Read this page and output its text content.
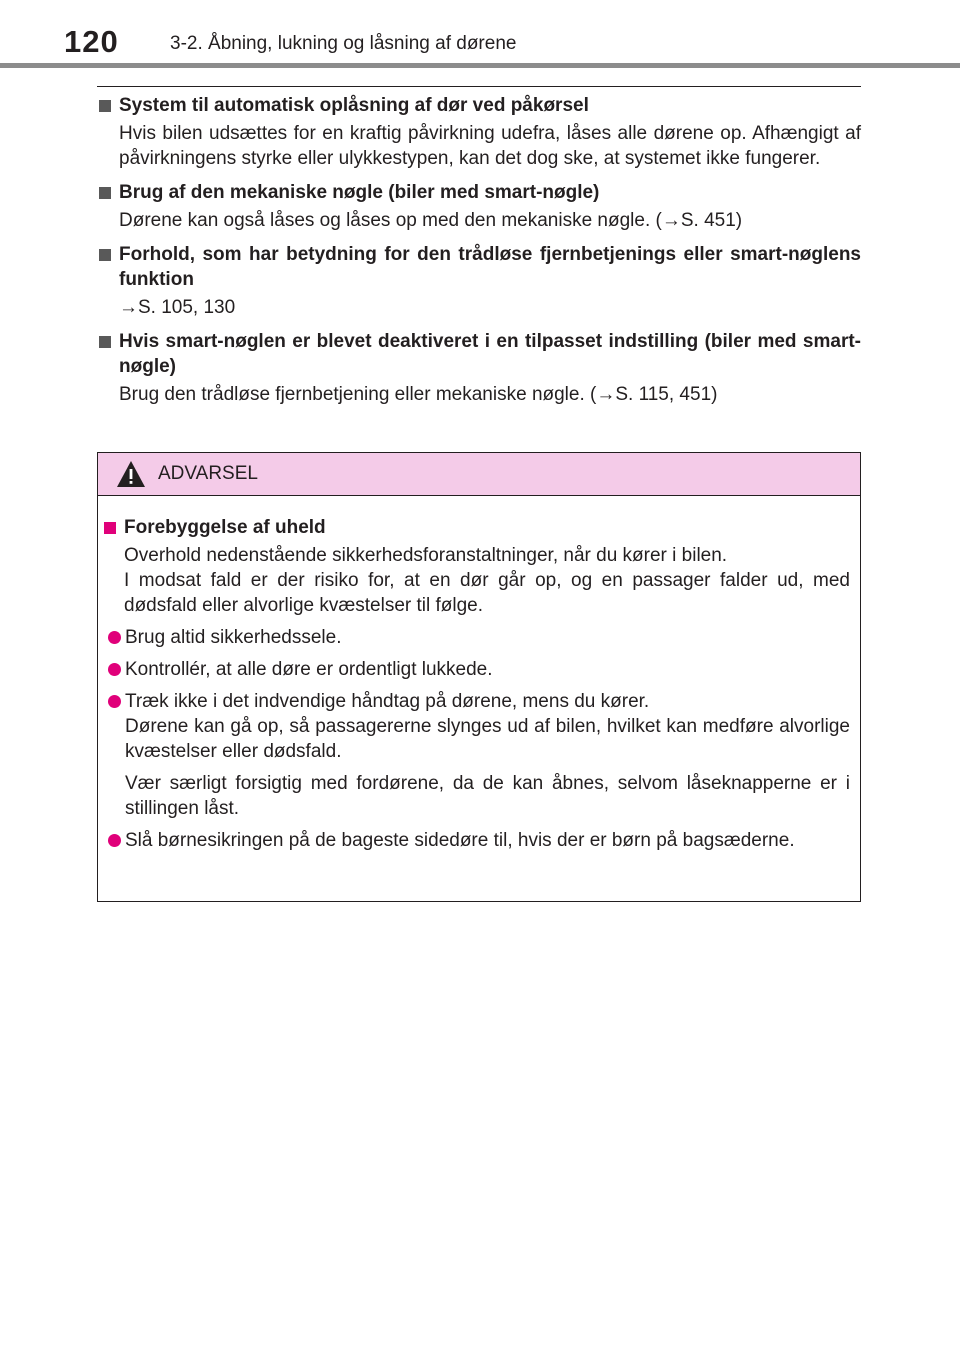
120	3-2. Åbning, lukning og låsning af dørene
System til automatisk oplåsning af dør ved påkørsel
Hvis bilen udsættes for en kraftig påvirkning udefra, låses alle dørene op. Afhængigt af påvirkningens styrke eller ulykkestypen, kan det dog ske, at systemet ikke fungerer.
Brug af den mekaniske nøgle (biler med smart-nøgle)
Dørene kan også låses og låses op med den mekaniske nøgle. (→S. 451)
Forhold, som har betydning for den trådløse fjernbetjenings eller smart-nøglens funktion
→S. 105, 130
Hvis smart-nøglen er blevet deaktiveret i en tilpasset indstilling (biler med smart-nøgle)
Brug den trådløse fjernbetjening eller mekaniske nøgle. (→S. 115, 451)
ADVARSEL
Forebyggelse af uheld
Overhold nedenstående sikkerhedsforanstaltninger, når du kører i bilen.
I modsat fald er der risiko for, at en dør går op, og en passager falder ud, med dødsfald eller alvorlige kvæstelser til følge.
Brug altid sikkerhedssele.
Kontrollér, at alle døre er ordentligt lukkede.
Træk ikke i det indvendige håndtag på dørene, mens du kører.
Dørene kan gå op, så passagererne slynges ud af bilen, hvilket kan medføre alvorlige kvæstelser eller dødsfald.
Vær særligt forsigtig med fordørene, da de kan åbnes, selvom låseknapperne er i stillingen låst.
Slå børnesikringen på de bageste sidedøre til, hvis der er børn på bagsæderne.
